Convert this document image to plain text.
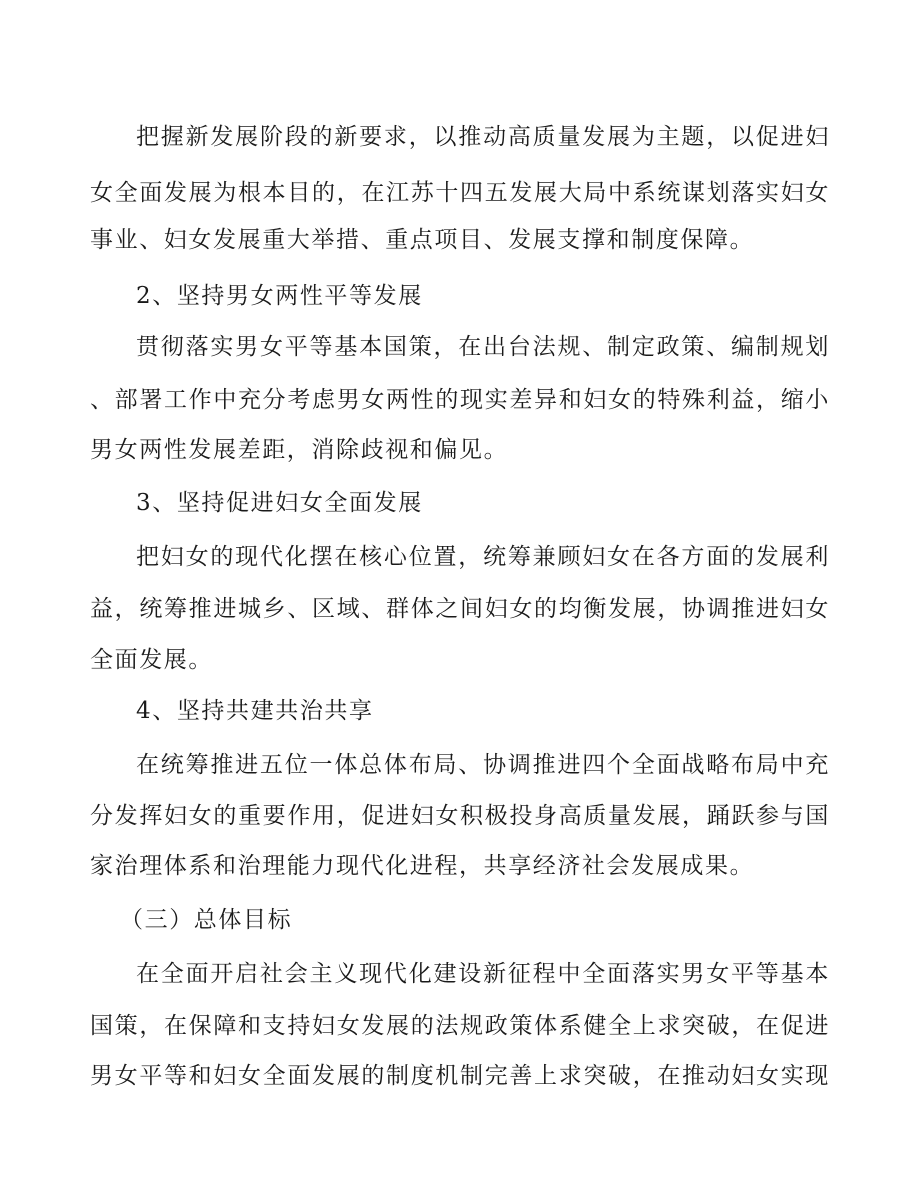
把握新发展阶段的新要求，以推动高质量发展为主题，以促进妇
女全面发展为根本目的，在江苏十四五发展大局中系统谋划落实妇女
事业、妇女发展重大举措、重点项目、发展支撑和制度保障。
2、坚持男女两性平等发展
贯彻落实男女平等基本国策，在出台法规、制定政策、编制规划
、部署工作中充分考虑男女两性的现实差异和妇女的特殊利益，缩小
男女两性发展差距，消除歧视和偏见。
3、坚持促进妇女全面发展
把妇女的现代化摆在核心位置，统筹兼顾妇女在各方面的发展利
益，统筹推进城乡、区域、群体之间妇女的均衡发展，协调推进妇女
全面发展。
4、坚持共建共治共享
在统筹推进五位一体总体布局、协调推进四个全面战略布局中充
分发挥妇女的重要作用，促进妇女积极投身高质量发展，踊跃参与国
家治理体系和治理能力现代化进程，共享经济社会发展成果。
（三）总体目标
在全面开启社会主义现代化建设新征程中全面落实男女平等基本
国策，在保障和支持妇女发展的法规政策体系健全上求突破，在促进
男女平等和妇女全面发展的制度机制完善上求突破，在推动妇女实现
